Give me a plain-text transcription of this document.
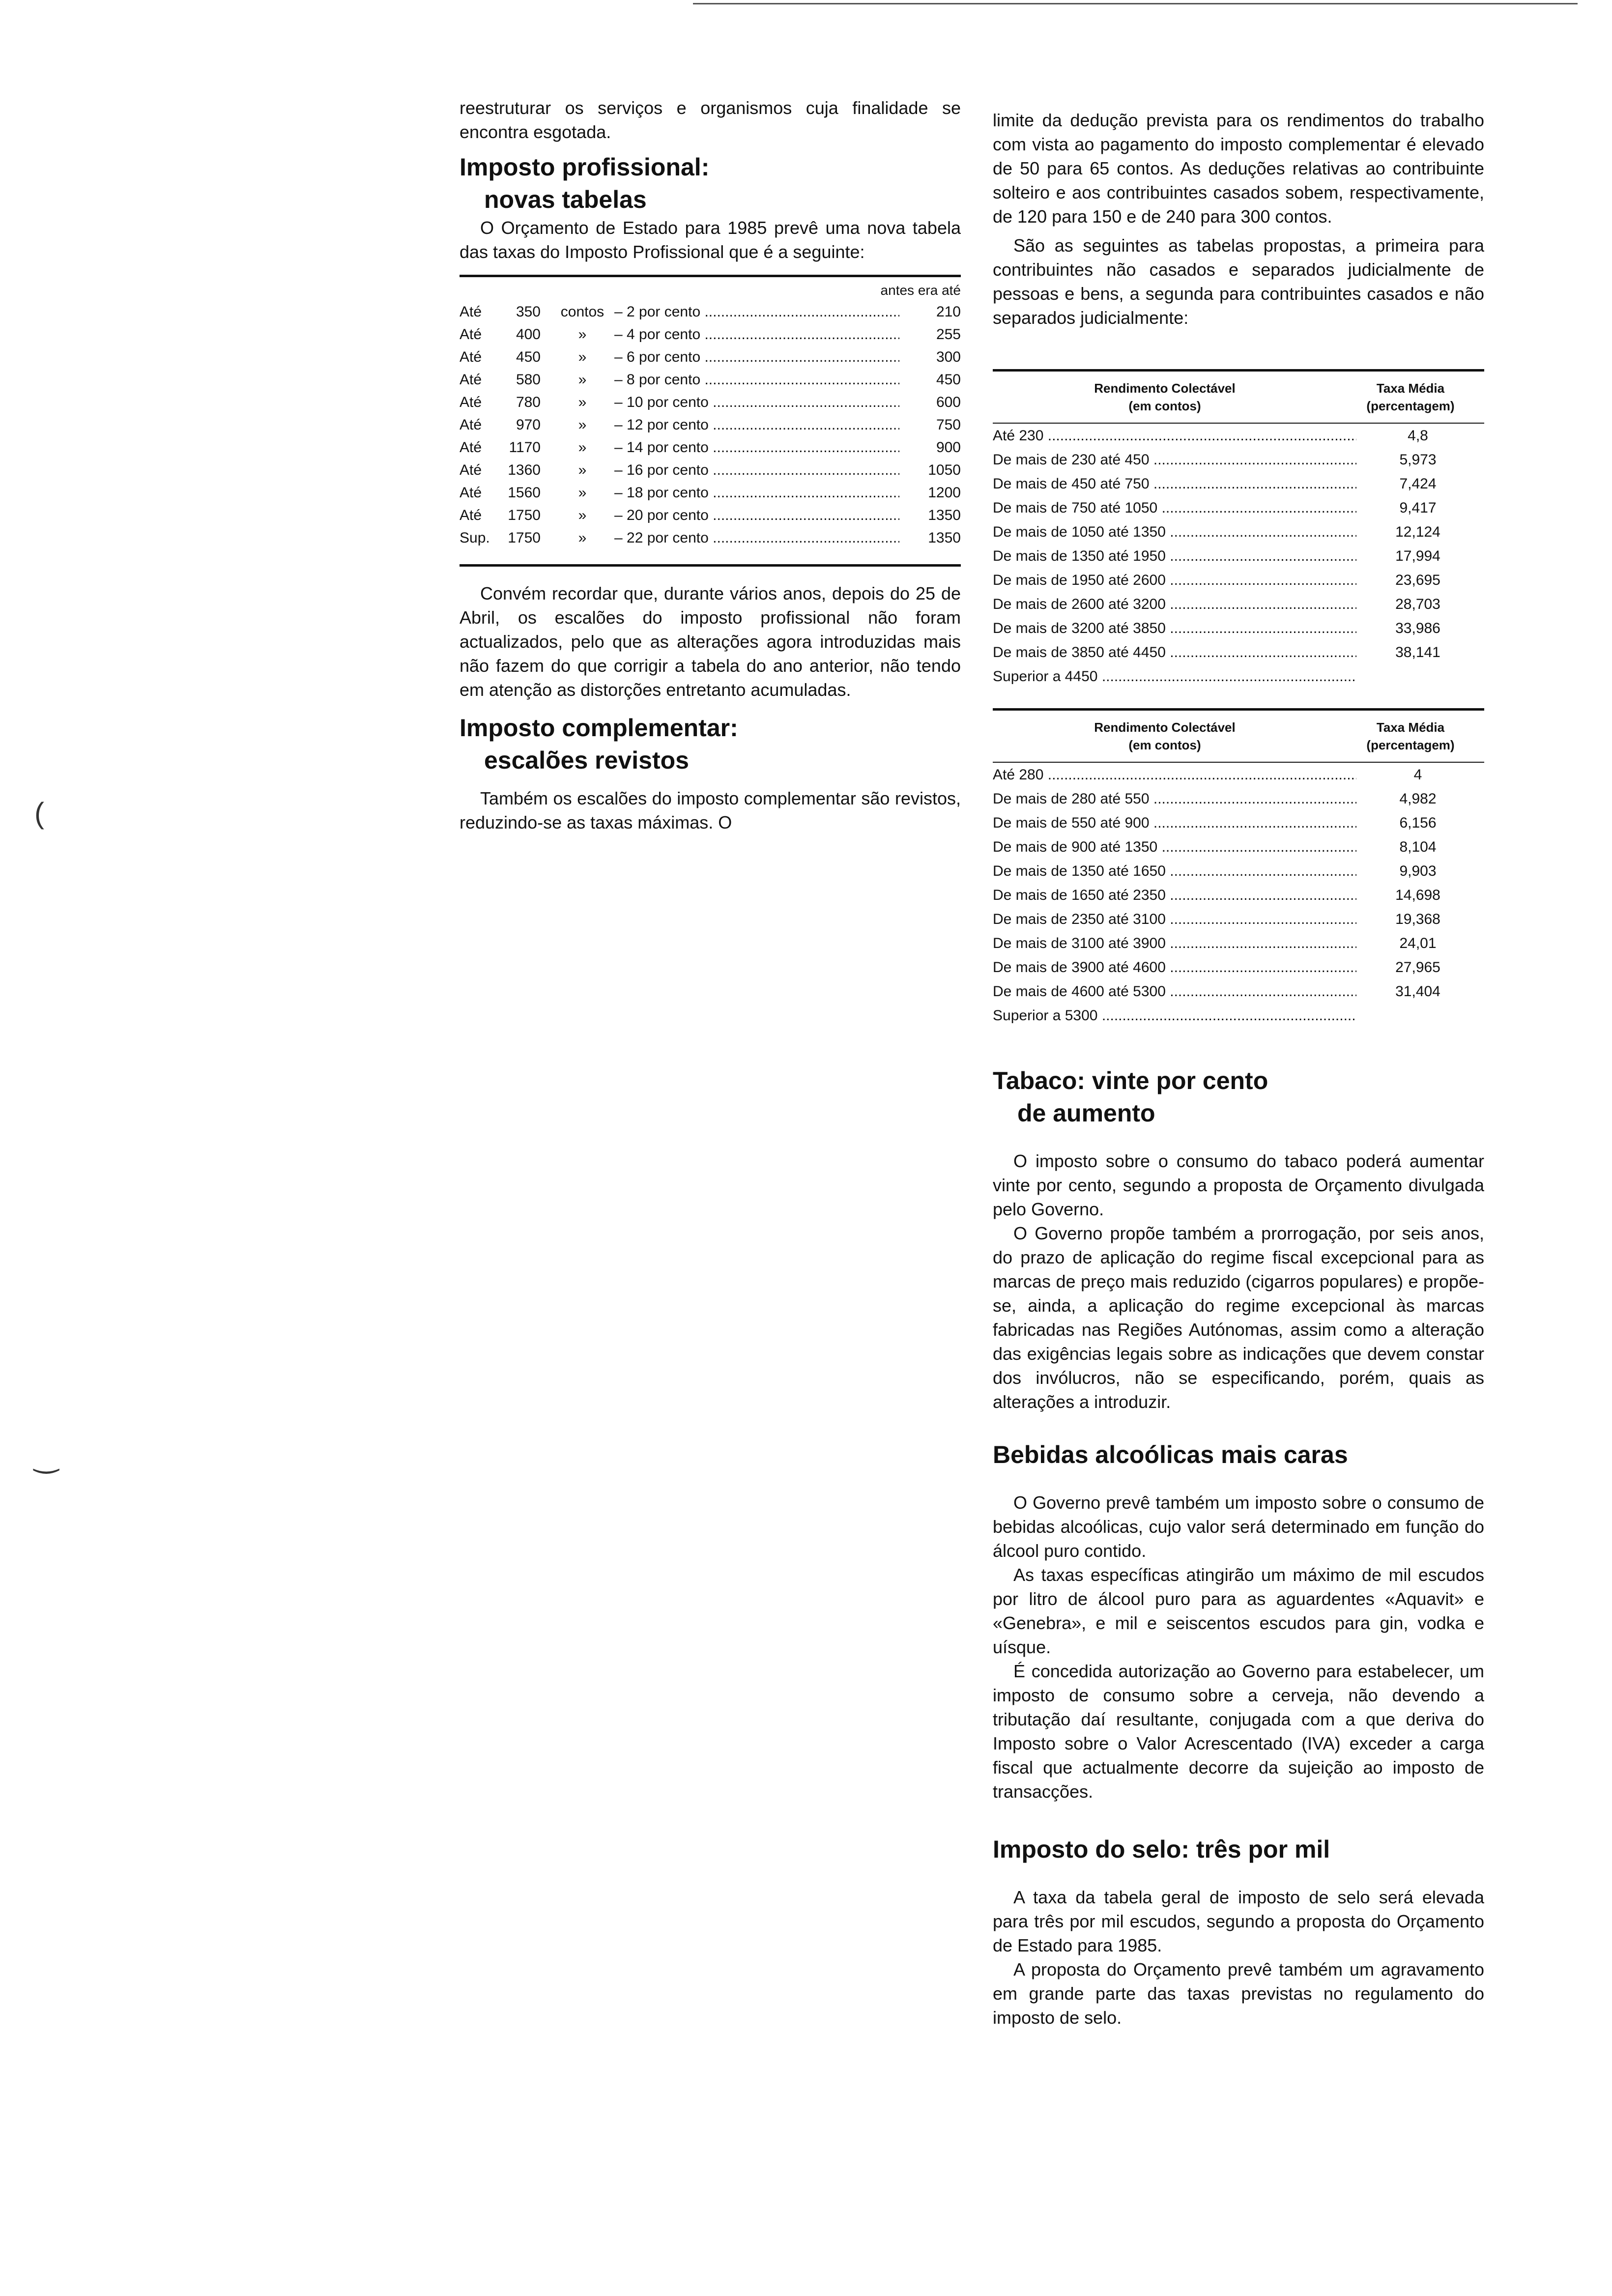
(
‿

reestruturar os serviços e organismos cuja finalidade se encontra esgotada.

Imposto profissional:
novas tabelas

O Orçamento de Estado para 1985 prevê uma nova tabela das taxas do Imposto Profissional que é a seguinte:

antes era até
Até	350	contos	– 2 por cento .....	210
Até	400	»	– 4 por cento .....	255
Até	450	»	– 6 por cento .....	300
Até	580	»	– 8 por cento .....	450
Até	780	»	– 10 por cento .....	600
Até	970	»	– 12 por cento .....	750
Até	1170	»	– 14 por cento .....	900
Até	1360	»	– 16 por cento .....	1050
Até	1560	»	– 18 por cento .....	1200
Até	1750	»	– 20 por cento .....	1350
Sup.	1750	»	– 22 por cento .....	1350

Convém recordar que, durante vários anos, depois do 25 de Abril, os escalões do imposto profissional não foram actualizados, pelo que as alterações agora introduzidas mais não fazem do que corrigir a tabela do ano anterior, não tendo em atenção as distorções entretanto acumuladas.

Imposto complementar:
escalões revistos

Também os escalões do imposto complementar são revistos, reduzindo-se as taxas máximas. O

limite da dedução prevista para os rendimentos do trabalho com vista ao pagamento do imposto complementar é elevado de 50 para 65 contos. As deduções relativas ao contribuinte solteiro e aos contribuintes casados sobem, respectivamente, de 120 para 150 e de 240 para 300 contos.

São as seguintes as tabelas propostas, a primeira para contribuintes não casados e separados judicialmente de pessoas e bens, a segunda para contribuintes casados e não separados judicialmente:

Rendimento Colectável
(em contos)	Taxa Média
(percentagem)
Até 230 .....	4,8
De mais de 230 até 450 .....	5,973
De mais de 450 até 750 .....	7,424
De mais de 750 até 1050 .....	9,417
De mais de 1050 até 1350 .....	12,124
De mais de 1350 até 1950 .....	17,994
De mais de 1950 até 2600 .....	23,695
De mais de 2600 até 3200 .....	28,703
De mais de 3200 até 3850 .....	33,986
De mais de 3850 até 4450 .....	38,141
Superior a 4450 .....	
Rendimento Colectável
(em contos)	Taxa Média
(percentagem)
Até 280 .....	4
De mais de 280 até 550 .....	4,982
De mais de 550 até 900 .....	6,156
De mais de 900 até 1350 .....	8,104
De mais de 1350 até 1650 .....	9,903
De mais de 1650 até 2350 .....	14,698
De mais de 2350 até 3100 .....	19,368
De mais de 3100 até 3900 .....	24,01
De mais de 3900 até 4600 .....	27,965
De mais de 4600 até 5300 .....	31,404
Superior a 5300 .....	
Tabaco: vinte por cento
de aumento

O imposto sobre o consumo do tabaco poderá aumentar vinte por cento, segundo a proposta de Orçamento divulgada pelo Governo.

O Governo propõe também a prorrogação, por seis anos, do prazo de aplicação do regime fiscal excepcional para as marcas de preço mais reduzido (cigarros populares) e propõe-se, ainda, a aplicação do regime excepcional às marcas fabricadas nas Regiões Autónomas, assim como a alteração das exigências legais sobre as indicações que devem constar dos invólucros, não se especificando, porém, quais as alterações a introduzir.

Bebidas alcoólicas mais caras

O Governo prevê também um imposto sobre o consumo de bebidas alcoólicas, cujo valor será determinado em função do álcool puro contido.

As taxas específicas atingirão um máximo de mil escudos por litro de álcool puro para as aguardentes «Aquavit» e «Genebra», e mil e seiscentos escudos para gin, vodka e uísque.

É concedida autorização ao Governo para estabelecer, um imposto de consumo sobre a cerveja, não devendo a tributação daí resultante, conjugada com a que deriva do Imposto sobre o Valor Acrescentado (IVA) exceder a carga fiscal que actualmente decorre da sujeição ao imposto de transacções.

Imposto do selo: três por mil

A taxa da tabela geral de imposto de selo será elevada para três por mil escudos, segundo a proposta do Orçamento de Estado para 1985.

A proposta do Orçamento prevê também um agravamento em grande parte das taxas previstas no regulamento do imposto de selo.
